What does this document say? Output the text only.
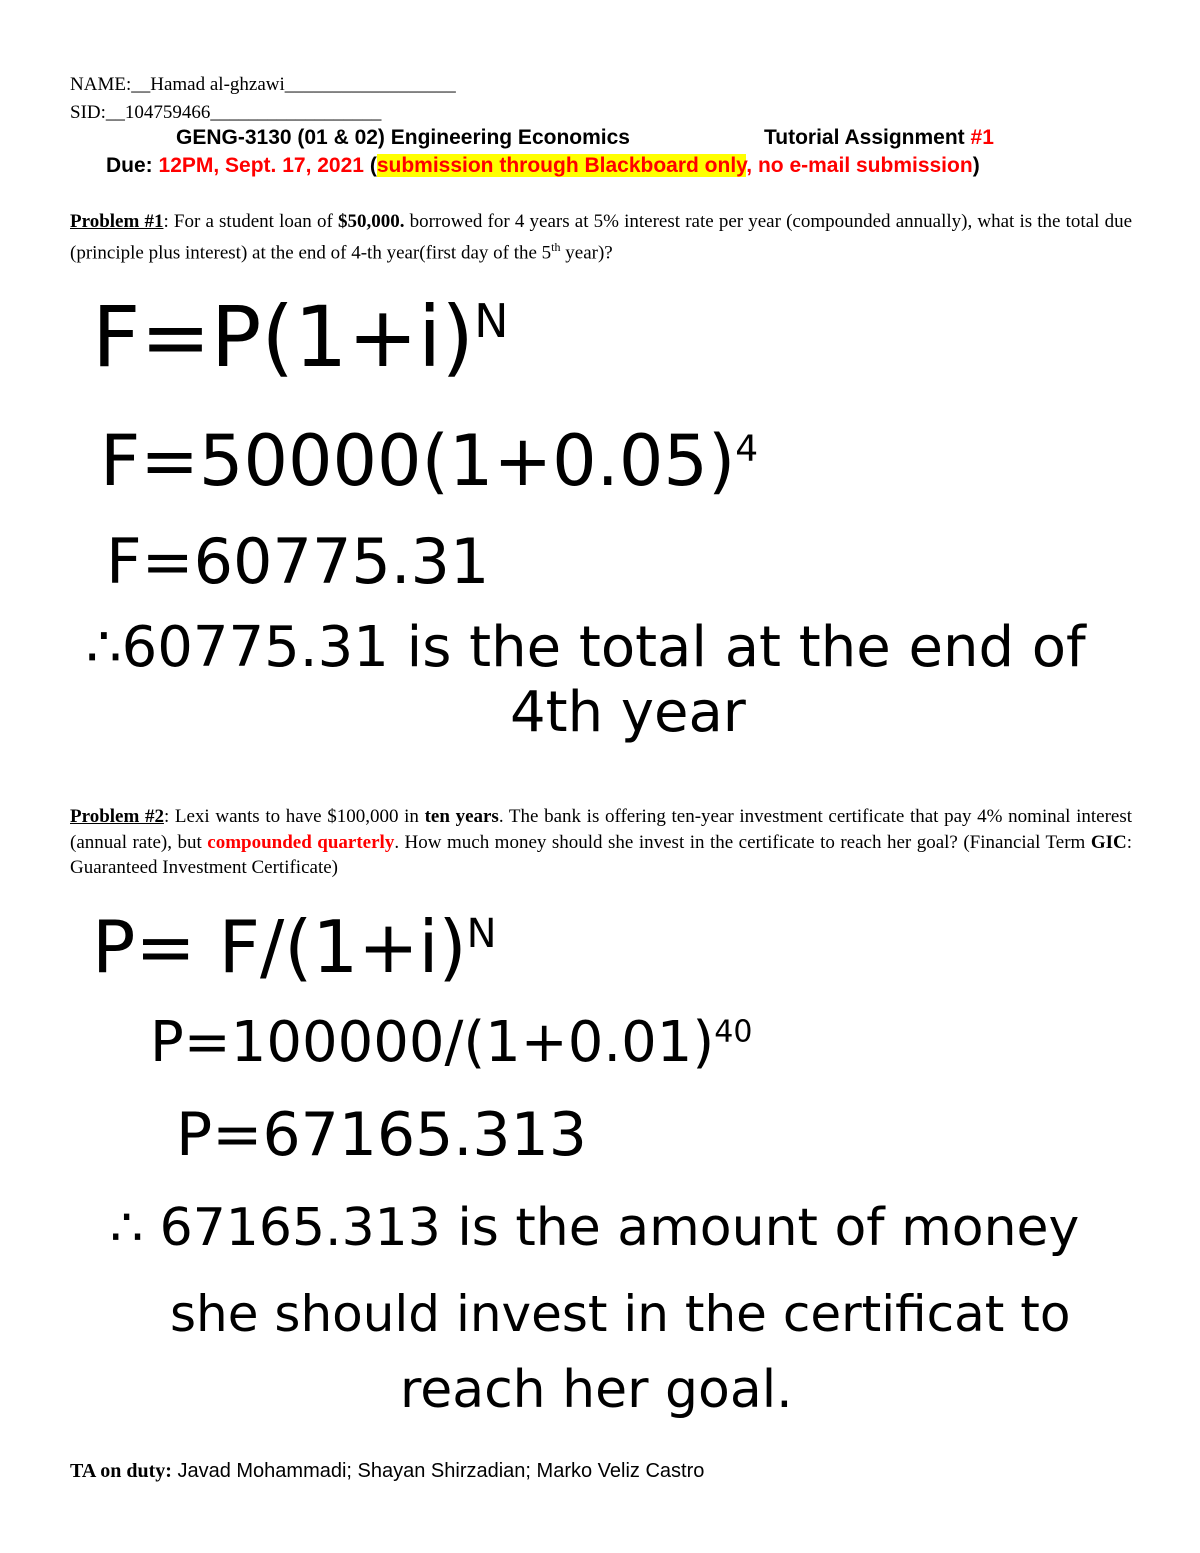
NAME:__Hamad al-ghzawi__________________
SID:__104759466__________________
GENG-3130 (01 & 02) Engineering Economics	Tutorial Assignment #1
Due: 12PM, Sept. 17, 2021 (submission through Blackboard only, no e-mail submission)
Problem #1: For a student loan of $50,000. borrowed for 4 years at 5% interest rate per year (compounded annually), what is the total due (principle plus interest) at the end of 4-th year(first day of the 5th year)?
$F=P(1+i)^N$
$F=50000(1+0.05)^4$
F=60775.31
∴60775.31 is the total at the end of
4th year
Problem #2: Lexi wants to have $100,000 in ten years. The bank is offering ten-year investment certificate that pay 4% nominal interest (annual rate), but compounded quarterly. How much money should she invest in the certificate to reach her goal? (Financial Term GIC: Guaranteed Investment Certificate)
$P= F/(1+i)^N$
$P=100000/(1+0.01)^{40}$
P=67165.313
∴ 67165.313 is the amount of money
she should invest in the certificat to
reach her goal.
TA on duty: Javad Mohammadi; Shayan Shirzadian; Marko Veliz Castro
